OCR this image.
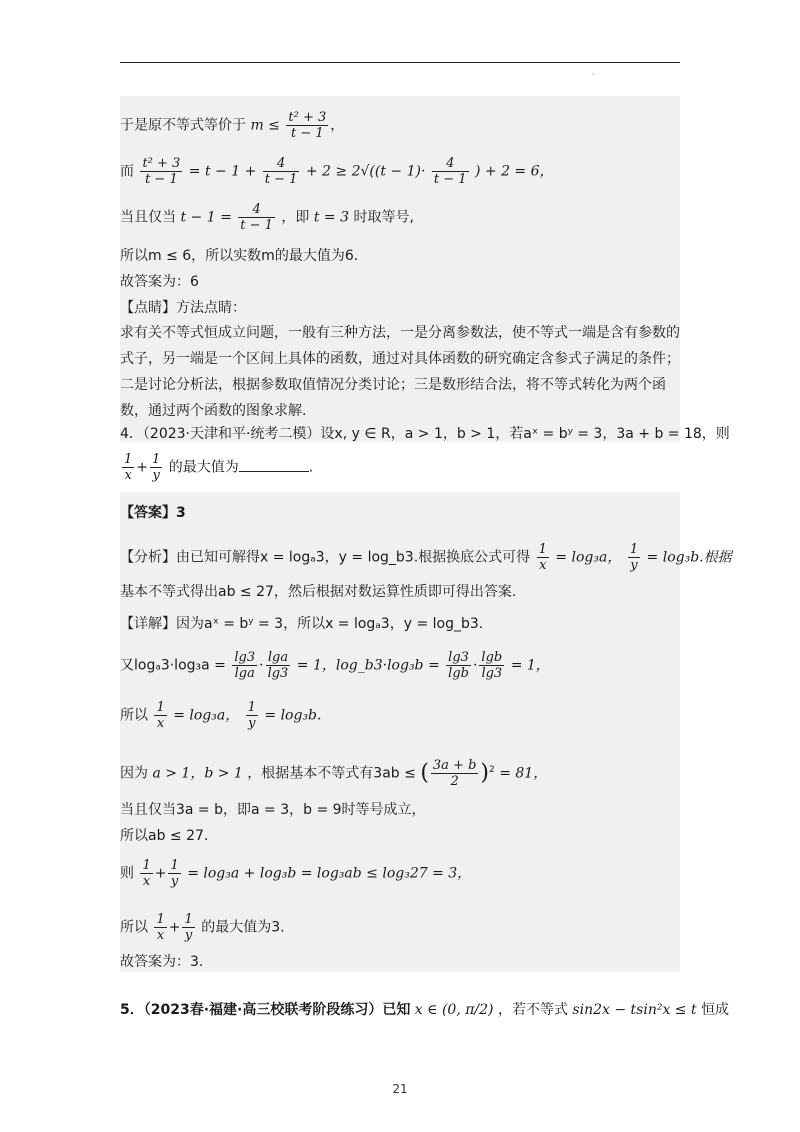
·
于是原不等式等价于 $m \le \frac{\text{t² + 3}}{t - 1}$ ，
而 $\frac{\text{t² + 3}}{t - 1} = t - 1 + \frac{4}{t - 1} + 2 \ge 2√((t - 1)\cdot \frac{4}{t - 1}$ ) + 2 = 6，
当且仅当 $t - 1 = \frac{4}{t - 1}$ ，即 t = 3 时取等号,
所以m ≤ 6，所以实数m的最大值为6.
故答案为：6
【点睛】方法点睛：
求有关不等式恒成立问题，一般有三种方法，一是分离参数法，使不等式一端是含有参数的式子，另一端是一个区间上具体的函数，通过对具体函数的研究确定含参式子满足的条件；二是讨论分析法，根据参数取值情况分类讨论；三是数形结合法，将不等式转化为两个函数，通过两个函数的图象求解.
4．（2023·天津和平·统考二模）设x, y ∈ R，a > 1，b > 1，若aˣ = bʸ = 3，3a + b = 18，则
$\frac{1}{x} + \frac{1}{y}$ 的最大值为	.
【答案】3
【分析】由已知可解得x = logₐ3，y = log_b3.根据换底公式可得 $\frac{1}{x} = \log_3a$， $\frac{1}{y} = \log_3b$.根据
基本不等式得出ab ≤ 27，然后根据对数运算性质即可得出答案.
【详解】因为aˣ = bʸ = 3，所以x = logₐ3，y = log_b3.
又$\log_a3\cdot\log_3a = \frac{\lg 3}{\lg a} \cdot \frac{\lg a}{\lg 3} = 1$，log_b3·log₃b = $\frac{\lg 3}{\lg b} \cdot \frac{\lg b}{\lg 3} = 1$，
所以 $\frac{1}{x} = \log_3a$， $\frac{1}{y} = \log_3b$.
因为 a > 1，b > 1 ，根据基本不等式有3ab ≤ ( $\frac{3a + b}{2} )^2 = 81$，
当且仅当3a = b，即a = 3，b = 9时等号成立，
所以ab ≤ 27.
则 $\frac{1}{x} + \frac{1}{y} = \log_3a + \log_3b = \log_3ab \le \log_327 = 3$，
所以 $\frac{1}{x} + \frac{1}{y}$ 的最大值为3.
故答案为：3.
5．（2023春·福建·高三校联考阶段练习）已知 x ∈ (0, π/2) ，若不等式 sin2x − tsin²x ≤ t 恒成
21
